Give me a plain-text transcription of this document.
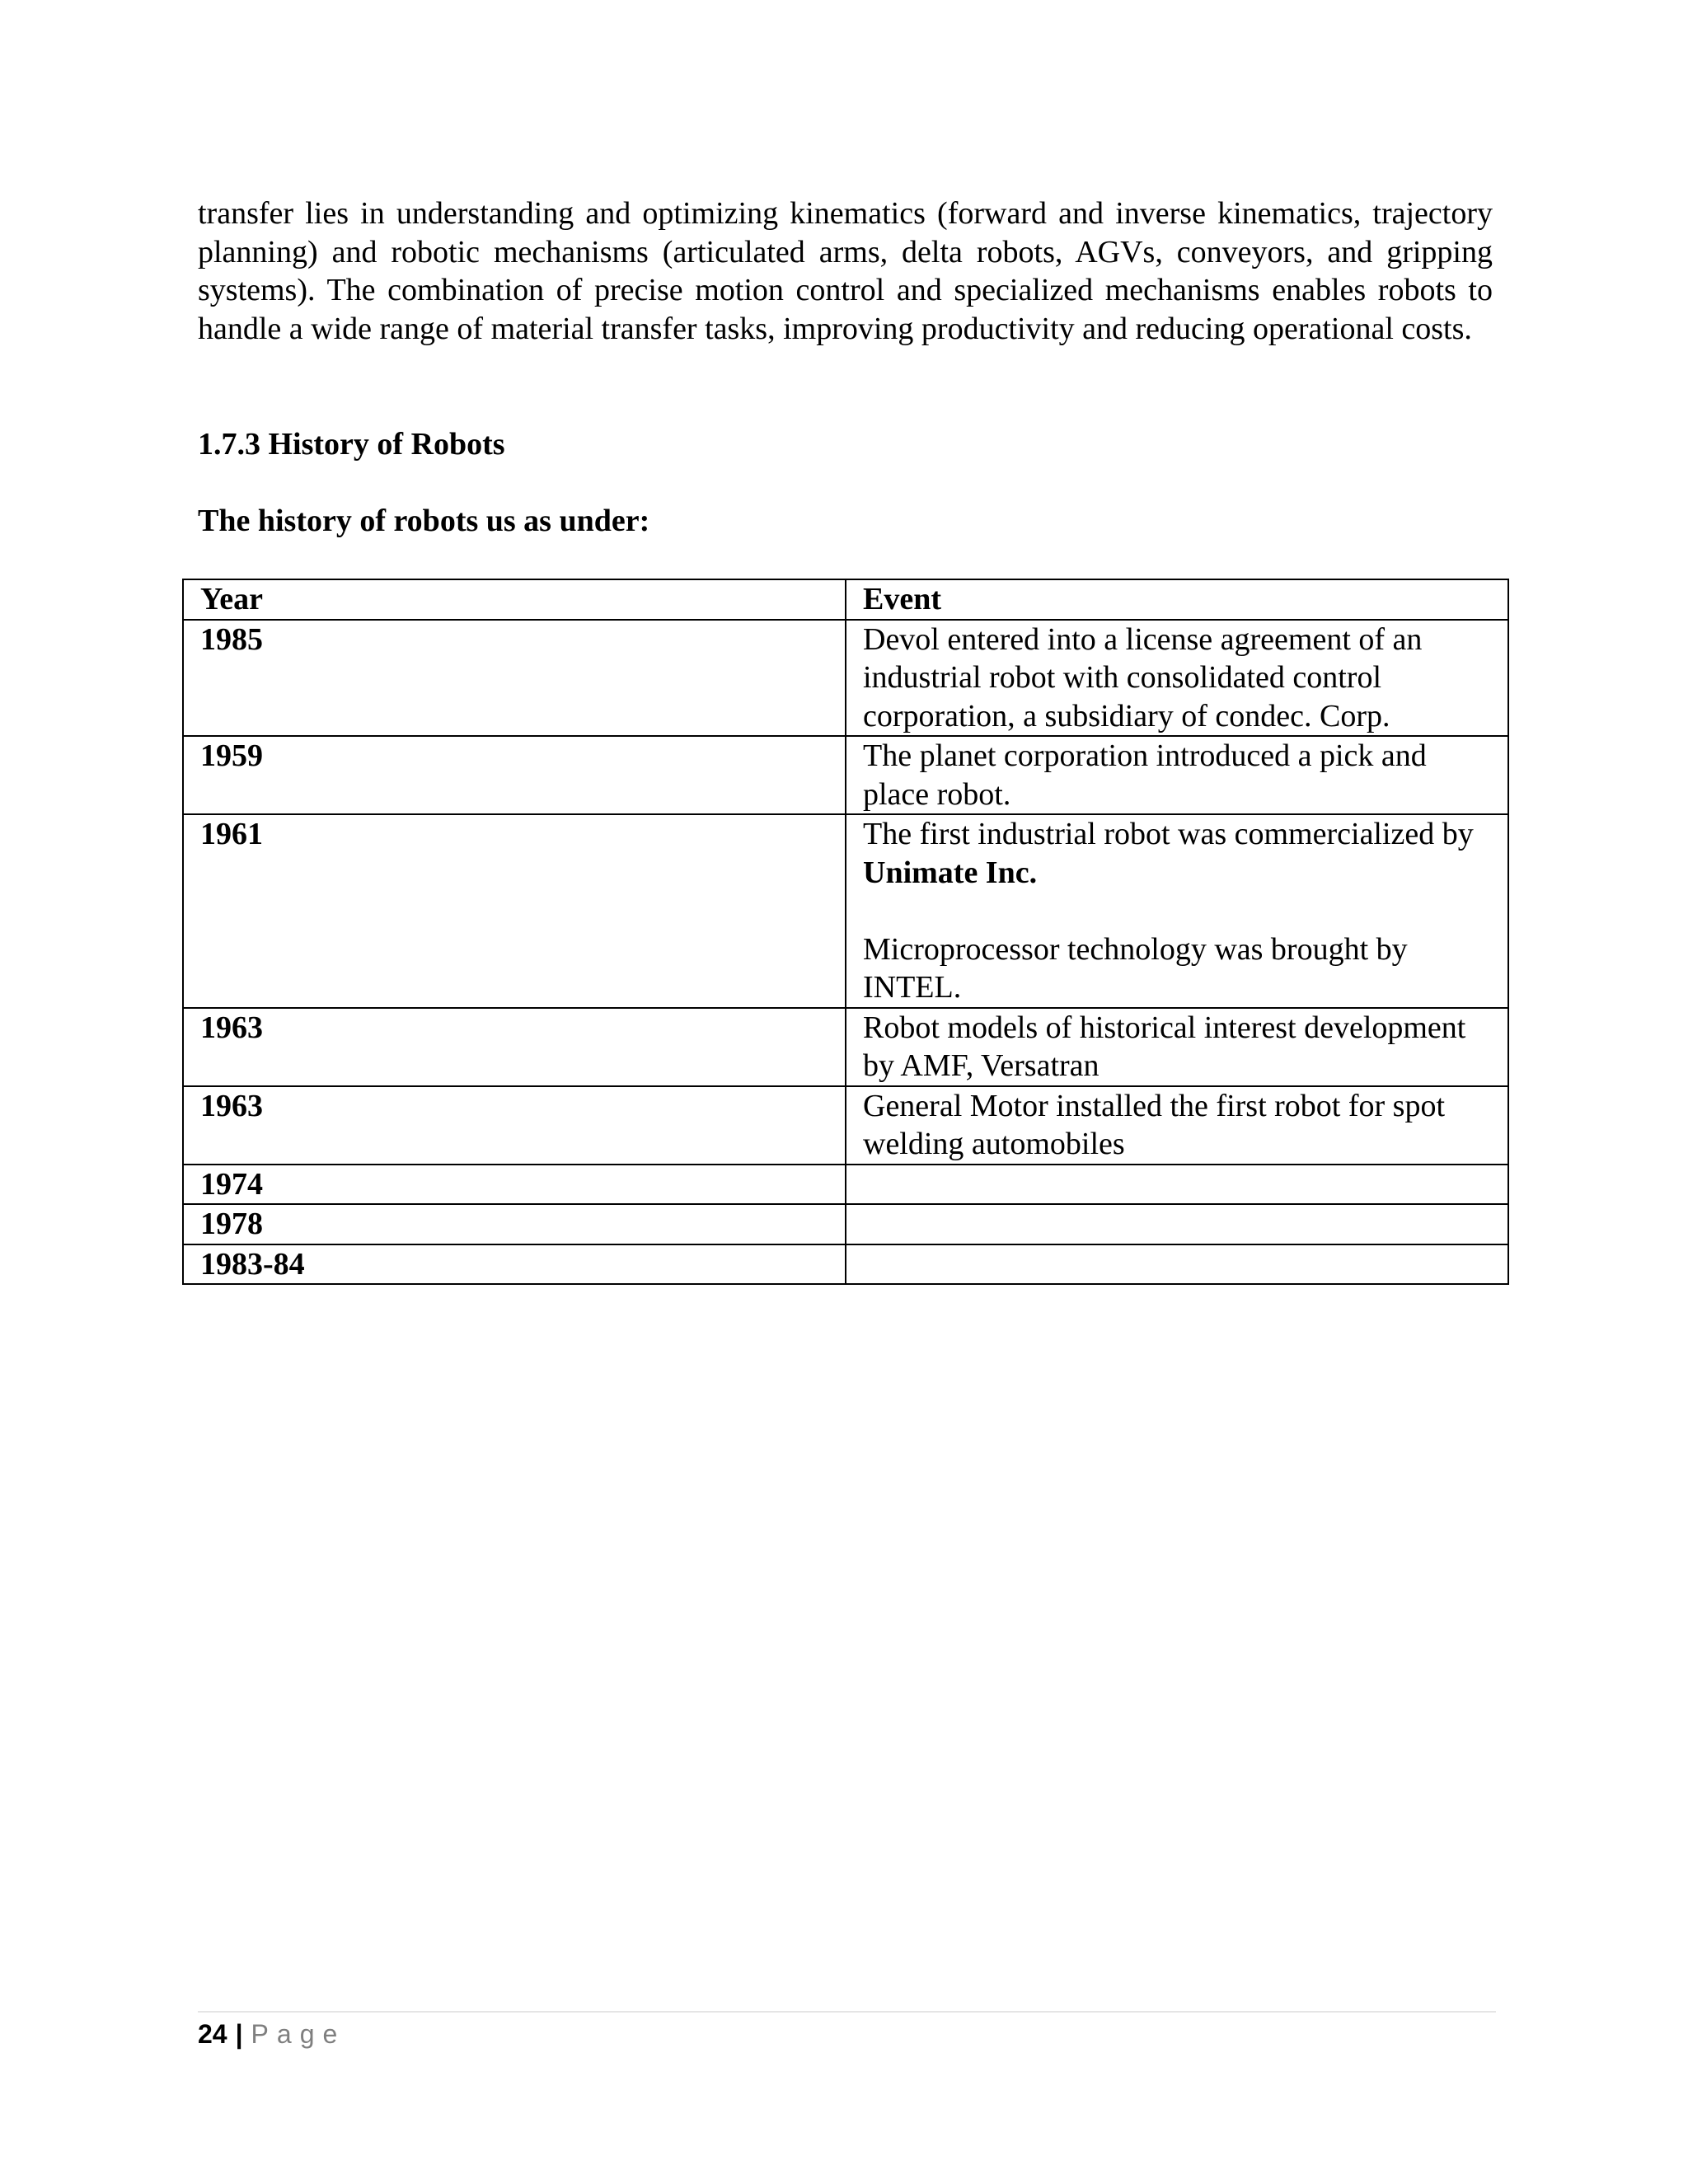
transfer lies in understanding and optimizing kinematics (forward and inverse kinematics, trajectory planning) and robotic mechanisms (articulated arms, delta robots, AGVs, conveyors, and gripping systems). The combination of precise motion control and specialized mechanisms enables robots to handle a wide range of material transfer tasks, improving productivity and reducing operational costs.

1.7.3 History of Robots
The history of robots us as under:
Year	Event
1985	Devol entered into a license agreement of an industrial robot with consolidated control corporation, a subsidiary of condec. Corp.

1959	The planet corporation introduced a pick and place robot.

1961	The first industrial robot was commercialized by Unimate Inc.
Microprocessor technology was brought by INTEL.

1963	Robot models of historical interest development by AMF, Versatran

1963	General Motor installed the first robot for spot welding automobiles

1974	
1978	
1983-84	
24 | Page
